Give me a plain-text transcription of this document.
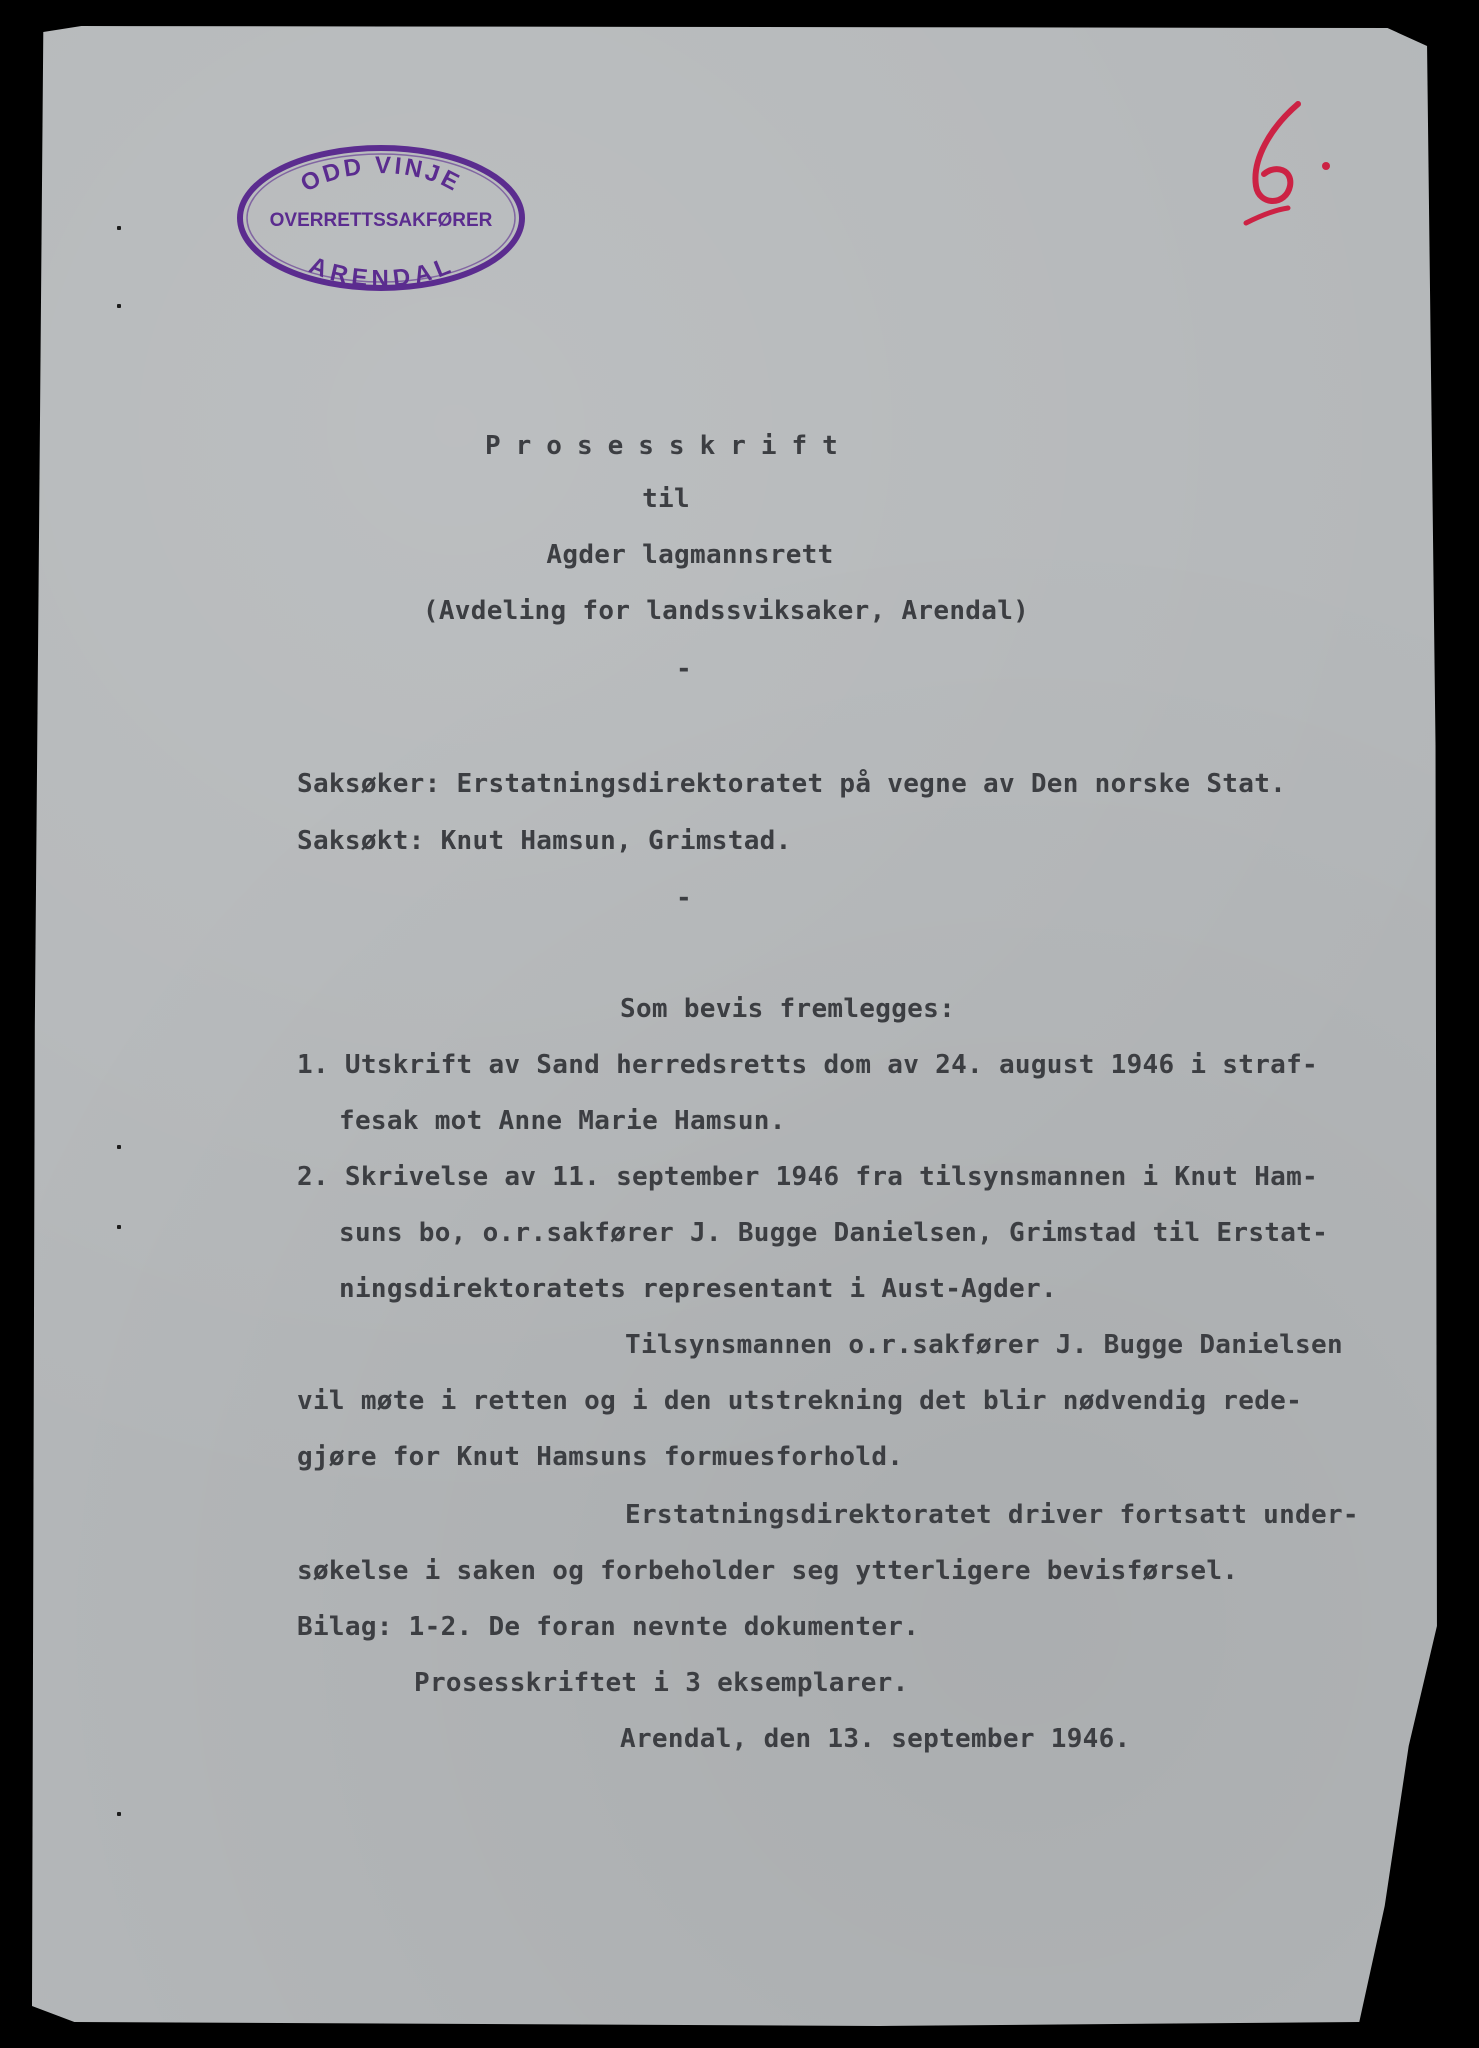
ODD VINJE
OVERRETTSSAKFØRER
ARENDAL
Prosesskrift
til
Agder lagmannsrett
(Avdeling for landssviksaker, Arendal)
-
Saksøker: Erstatningsdirektoratet på vegne av Den norske Stat.
Saksøkt: Knut Hamsun, Grimstad.
-
Som bevis fremlegges:
1. Utskrift av Sand herredsretts dom av 24. august 1946 i straf-
fesak mot Anne Marie Hamsun.
2. Skrivelse av 11. september 1946 fra tilsynsmannen i Knut Ham-
suns bo, o.r.sakfører J. Bugge Danielsen, Grimstad til Erstat-
ningsdirektoratets representant i Aust-Agder.
Tilsynsmannen o.r.sakfører J. Bugge Danielsen
vil møte i retten og i den utstrekning det blir nødvendig rede-
gjøre for Knut Hamsuns formuesforhold.
Erstatningsdirektoratet driver fortsatt under-
søkelse i saken og forbeholder seg ytterligere bevisførsel.
Bilag: 1-2. De foran nevnte dokumenter.
Prosesskriftet i 3 eksemplarer.
Arendal, den 13. september 1946.
